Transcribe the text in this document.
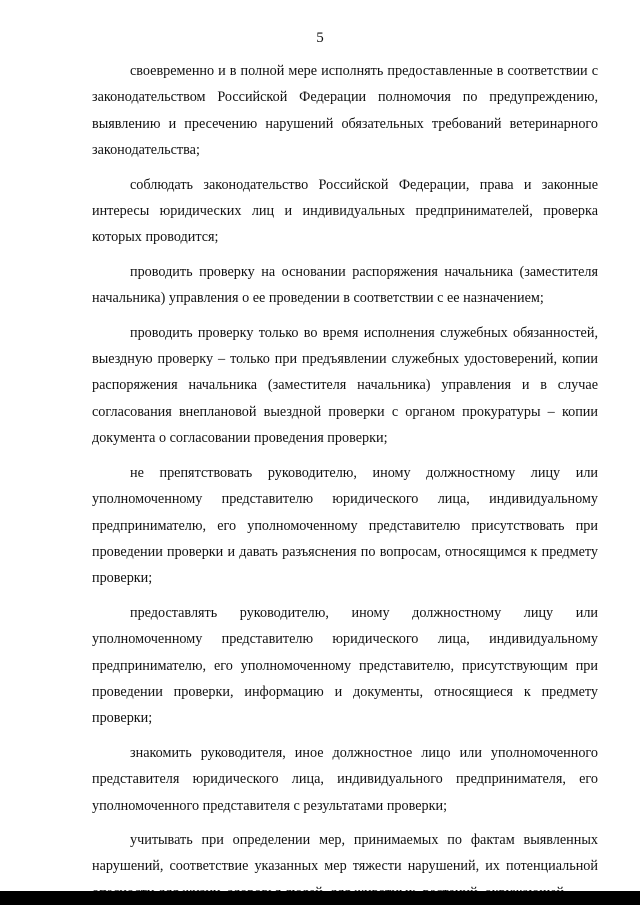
5

своевременно и в полной мере исполнять предоставленные в соответствии с законодательством Российской Федерации полномочия по предупреждению, выявлению и пресечению нарушений обязательных требований ветеринарного законодательства;

соблюдать законодательство Российской Федерации, права и законные интересы юридических лиц и индивидуальных предпринимателей, проверка которых проводится;

проводить проверку на основании распоряжения начальника (заместителя начальника) управления о ее проведении в соответствии с ее назначением;

проводить проверку только во время исполнения служебных обязанностей, выездную проверку – только при предъявлении служебных удостоверений, копии распоряжения начальника (заместителя начальника) управления и в случае согласования внеплановой выездной проверки с органом прокуратуры – копии документа о согласовании проведения проверки;

не препятствовать руководителю, иному должностному лицу или уполномоченному представителю юридического лица, индивидуальному предпринимателю, его уполномоченному представителю присутствовать при проведении проверки и давать разъяснения по вопросам, относящимся к предмету проверки;

предоставлять руководителю, иному должностному лицу или уполномоченному представителю юридического лица, индивидуальному предпринимателю, его уполномоченному представителю, присутствующим при проведении проверки, информацию и документы, относящиеся к предмету проверки;

знакомить руководителя, иное должностное лицо или уполномоченного представителя юридического лица, индивидуального предпринимателя, его уполномоченного представителя с результатами проверки;

учитывать при определении мер, принимаемых по фактам выявленных нарушений, соответствие указанных мер тяжести нарушений, их потенциальной
